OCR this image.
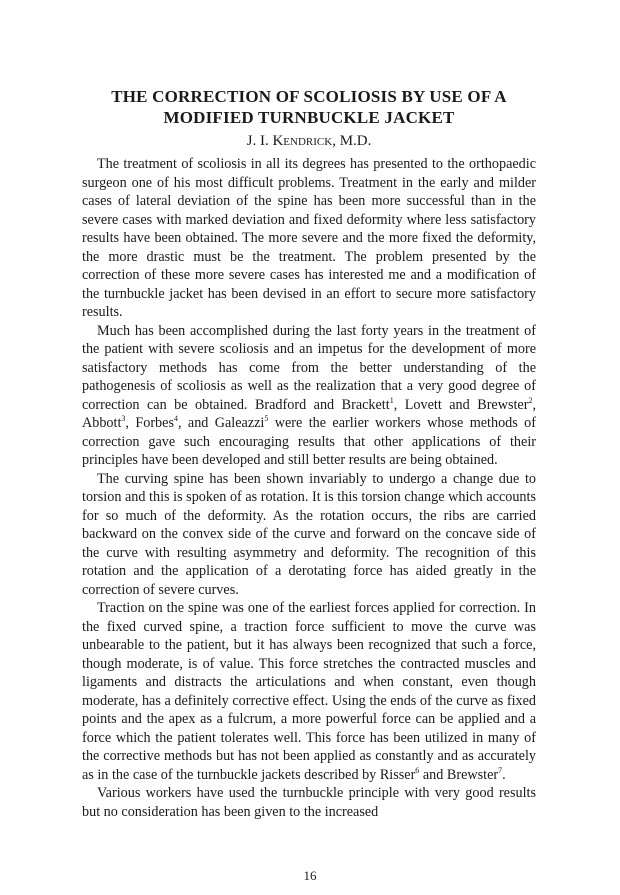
THE CORRECTION OF SCOLIOSIS BY USE OF A
MODIFIED TURNBUCKLE JACKET
J. I. Kendrick, M.D.

The treatment of scoliosis in all its degrees has presented to the orthopaedic surgeon one of his most difficult problems. Treatment in the early and milder cases of lateral deviation of the spine has been more successful than in the severe cases with marked deviation and fixed deformity where less satisfactory results have been obtained. The more severe and the more fixed the deformity, the more drastic must be the treatment. The problem presented by the correction of these more severe cases has interested me and a modification of the turnbuckle jacket has been devised in an effort to secure more satisfactory results.

Much has been accomplished during the last forty years in the treatment of the patient with severe scoliosis and an impetus for the development of more satisfactory methods has come from the better understanding of the pathogenesis of scoliosis as well as the realization that a very good degree of correction can be obtained. Bradford and Brackett$^1$, Lovett and Brewster$^2$, Abbott$^3$, Forbes$^4$, and Galeazzi$^5$ were the earlier workers whose methods of correction gave such encouraging results that other applications of their principles have been developed and still better results are being obtained.

The curving spine has been shown invariably to undergo a change due to torsion and this is spoken of as rotation. It is this torsion change which accounts for so much of the deformity. As the rotation occurs, the ribs are carried backward on the convex side of the curve and forward on the concave side of the curve with resulting asymmetry and deformity. The recognition of this rotation and the application of a derotating force has aided greatly in the correction of severe curves.

Traction on the spine was one of the earliest forces applied for correction. In the fixed curved spine, a traction force sufficient to move the curve was unbearable to the patient, but it has always been recognized that such a force, though moderate, is of value. This force stretches the contracted muscles and ligaments and distracts the articulations and when constant, even though moderate, has a definitely corrective effect. Using the ends of the curve as fixed points and the apex as a fulcrum, a more powerful force can be applied and a force which the patient tolerates well. This force has been utilized in many of the corrective methods but has not been applied as constantly and as accurately as in the case of the turnbuckle jackets described by Risser$^6$ and Brewster$^7$.

Various workers have used the turnbuckle principle with very good results but no consideration has been given to the increased

16
